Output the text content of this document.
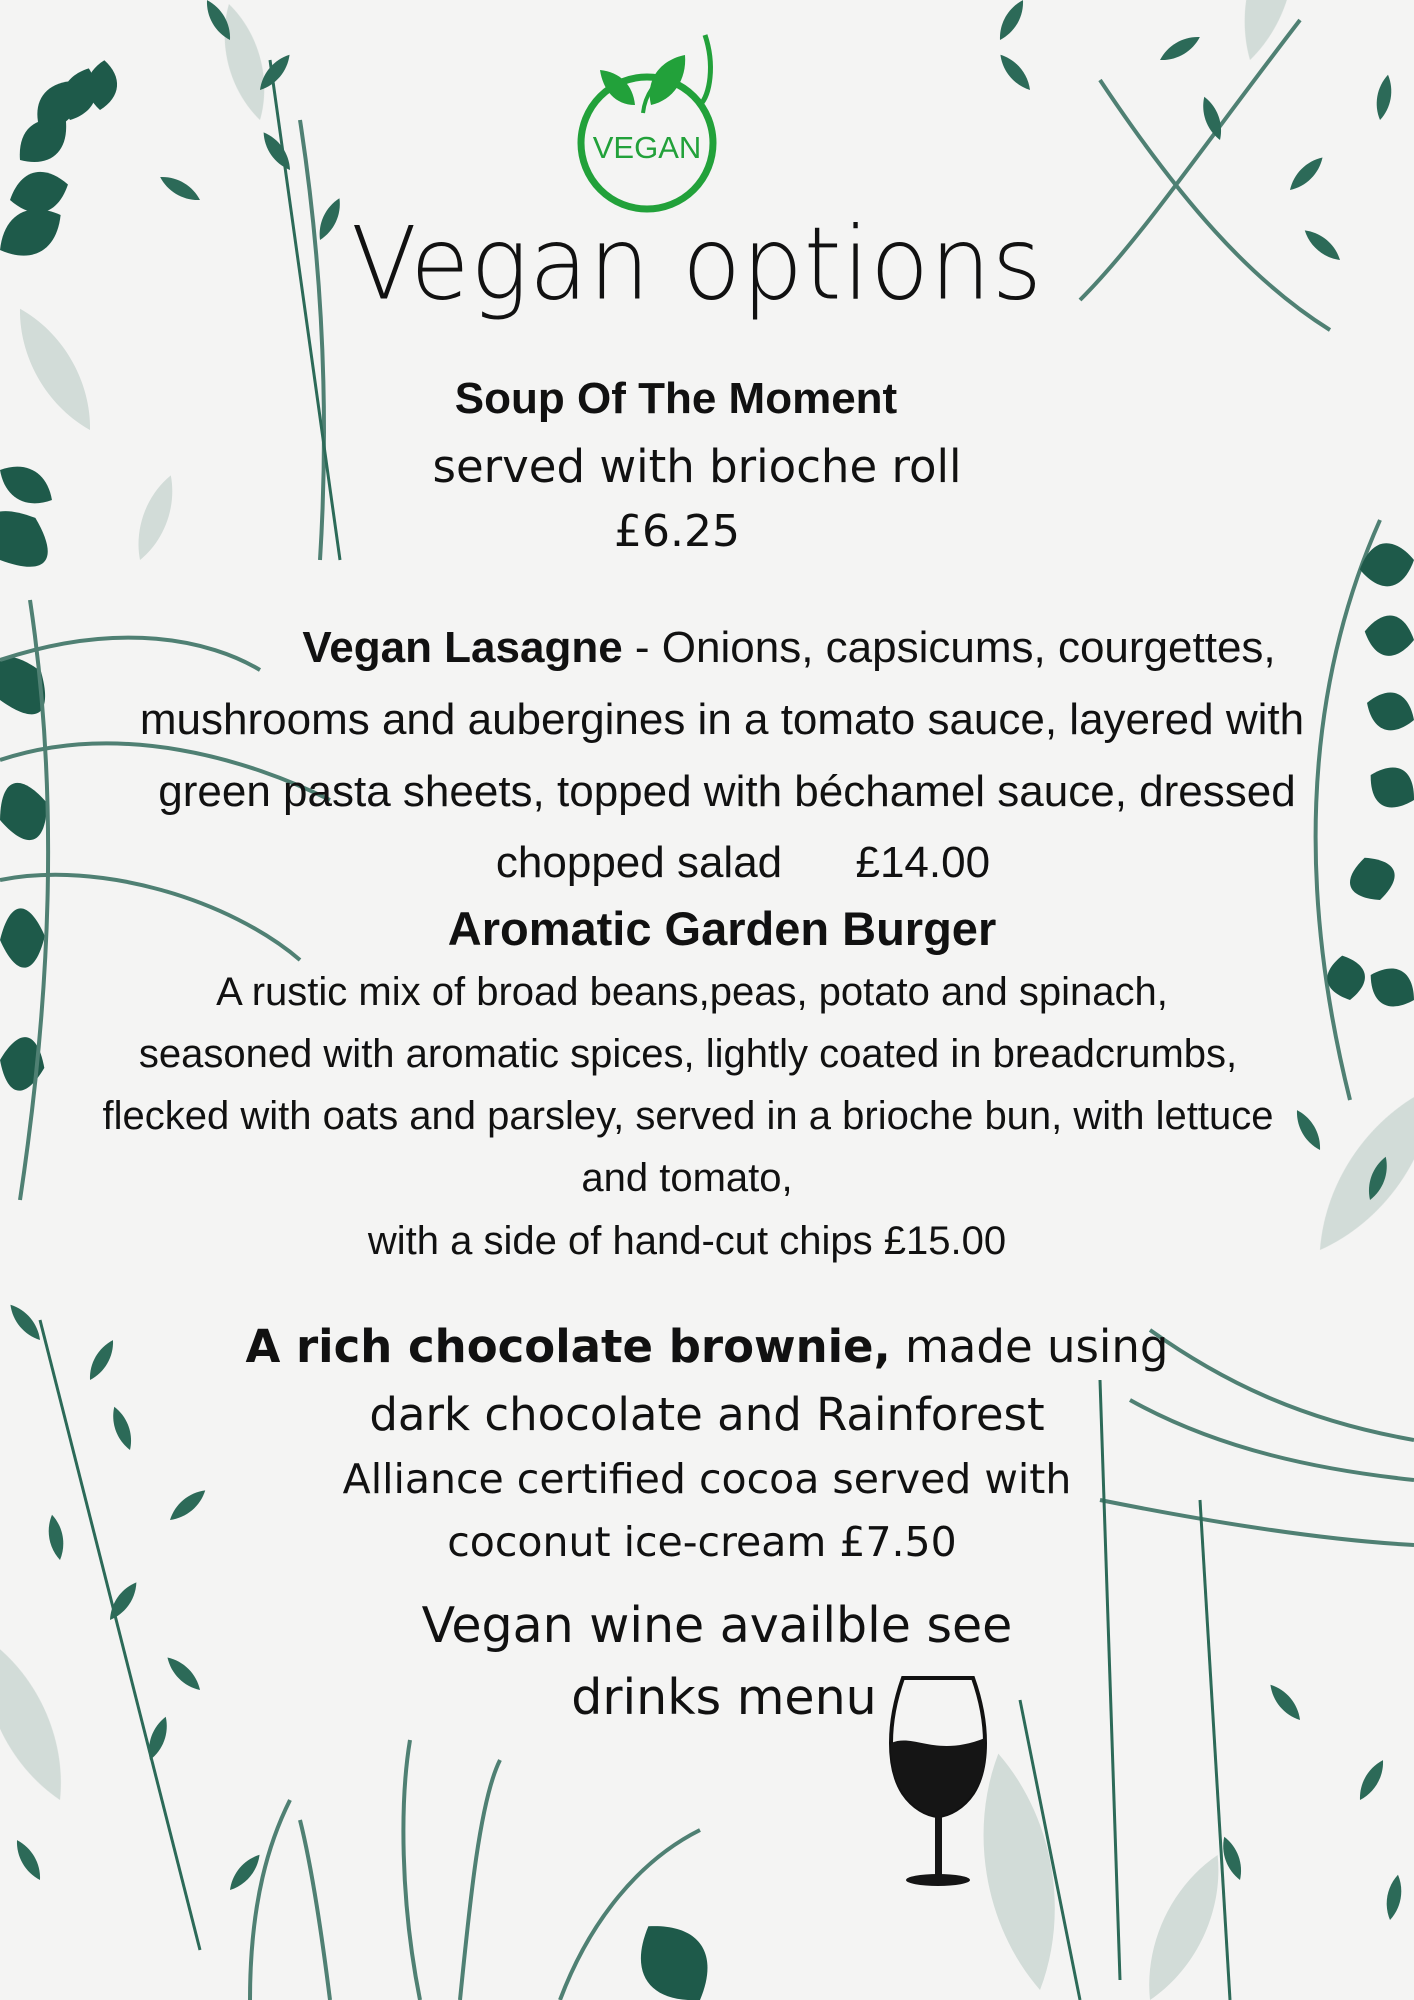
VEGAN
Vegan options
Soup Of The Moment
served with brioche roll
£6.25
Vegan Lasagne - Onions, capsicums, courgettes,
mushrooms and aubergines in a tomato sauce, layered with
green pasta sheets, topped with béchamel sauce, dressed
chopped salad      £14.00
Aromatic Garden Burger
A rustic mix of broad beans,peas, potato and spinach,
seasoned with aromatic spices, lightly coated in breadcrumbs,
flecked with oats and parsley, served in a brioche bun, with lettuce
and tomato,
with a side of hand-cut chips £15.00
A rich chocolate brownie, made using
dark chocolate and Rainforest
Alliance certified cocoa served with
coconut ice-cream £7.50
Vegan wine availble see
drinks menu
